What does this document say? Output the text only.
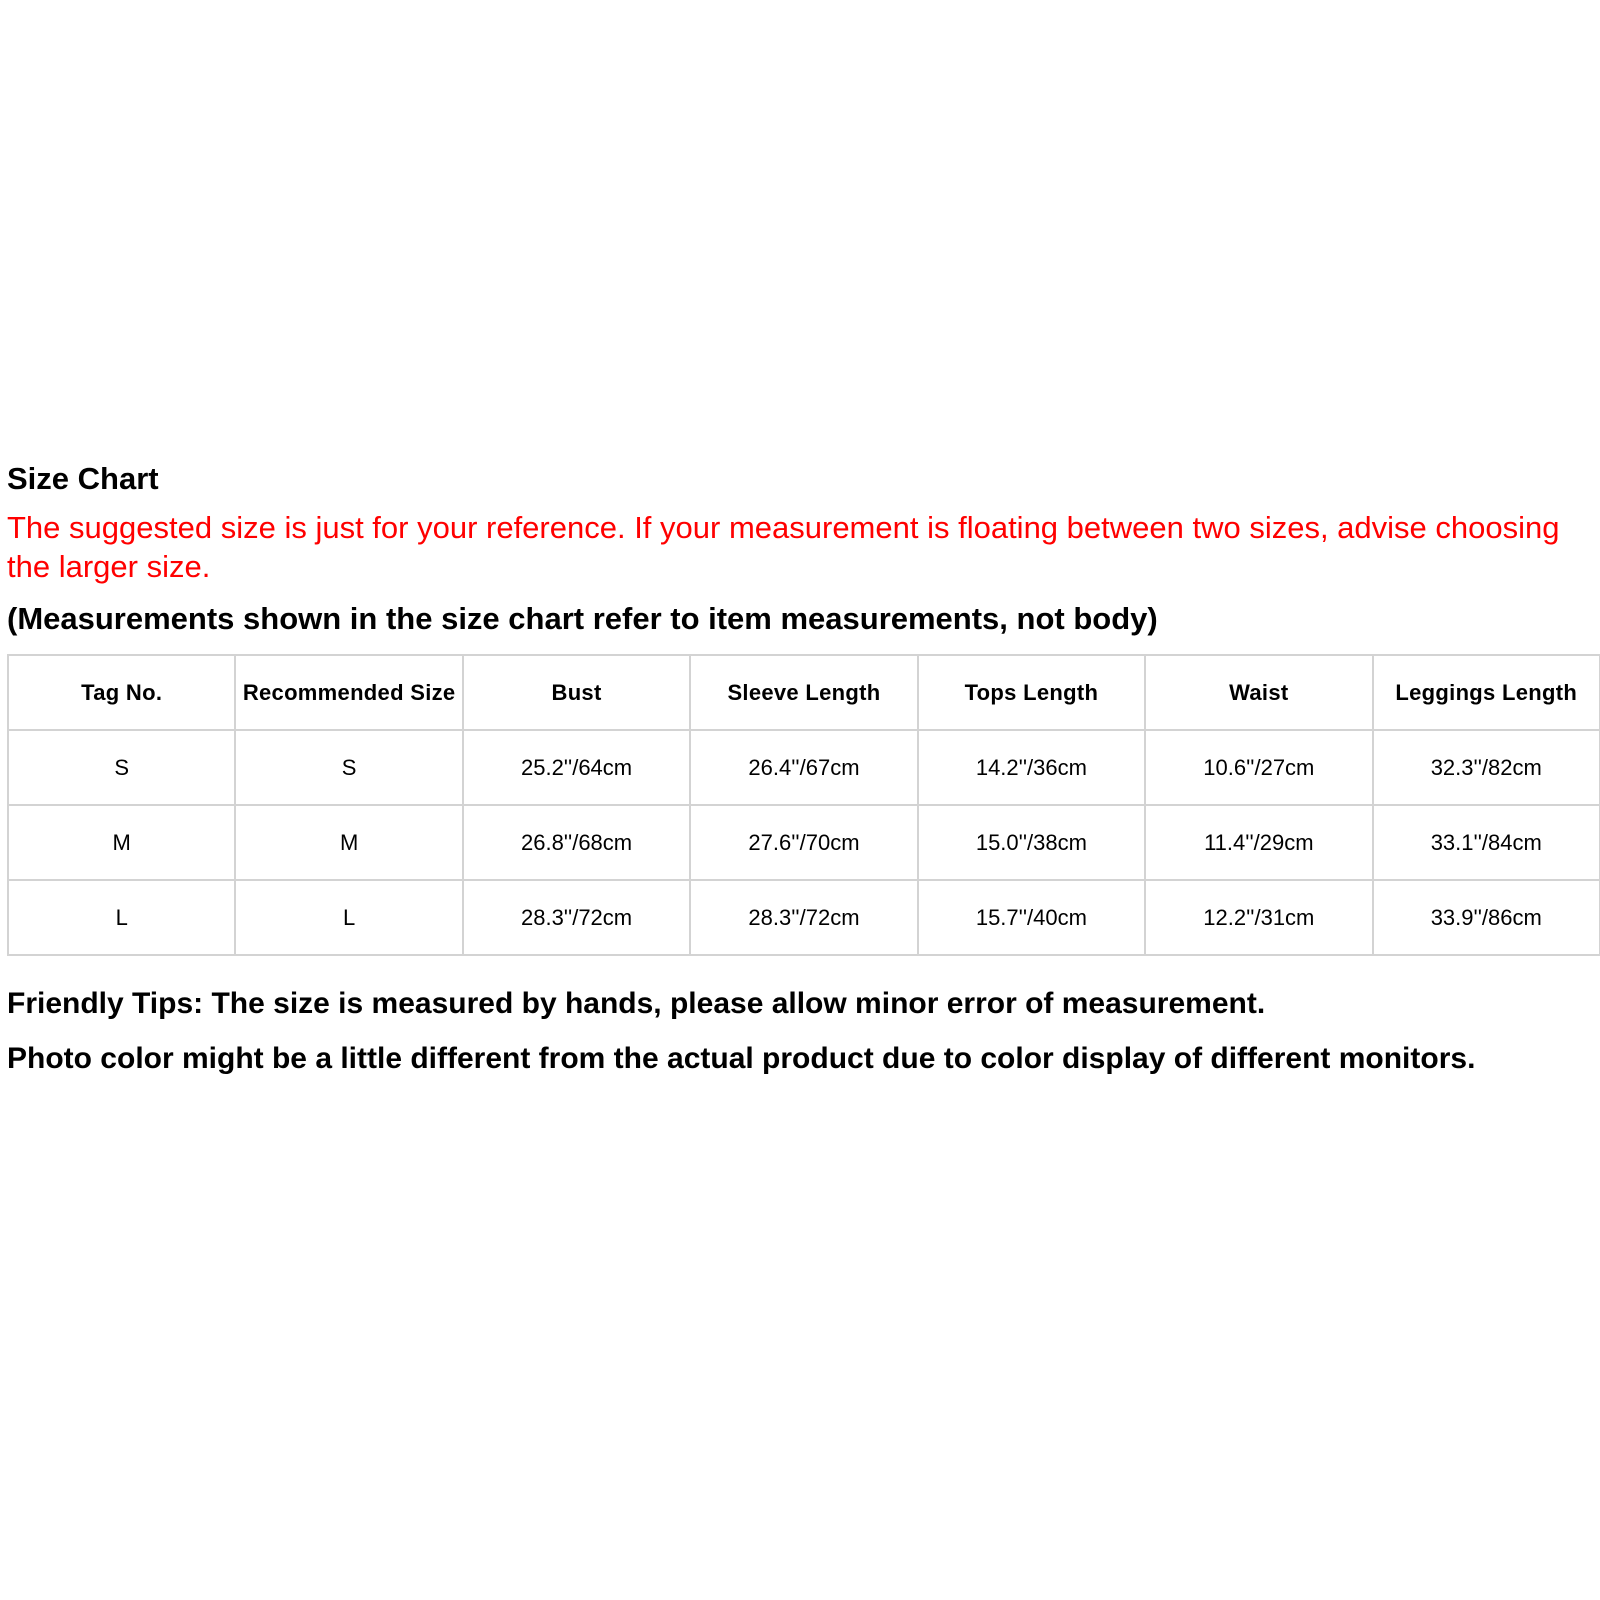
Size Chart

The suggested size is just for your reference. If your measurement is floating between two sizes, advise choosing the larger size.

(Measurements shown in the size chart refer to item measurements, not body)

Tag No.	Recommended Size	Bust	Sleeve Length	Tops Length	Waist	Leggings Length
S	S	25.2''/64cm	26.4''/67cm	14.2''/36cm	10.6''/27cm	32.3''/82cm
M	M	26.8''/68cm	27.6''/70cm	15.0''/38cm	11.4''/29cm	33.1''/84cm
L	L	28.3''/72cm	28.3''/72cm	15.7''/40cm	12.2''/31cm	33.9''/86cm

Friendly Tips: The size is measured by hands, please allow minor error of measurement.

Photo color might be a little different from the actual product due to color display of different monitors.
